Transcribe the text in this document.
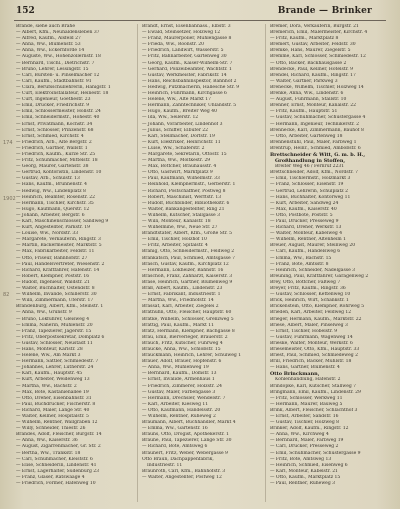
152	Brande — Brinker
Brande, siehe auch Brahe
— Albert, Kfm., Neuhaldensleben 37
— Alfred, Kaufm., Alsfeld 27
— Anna, Ww., Blumenstr. 53
— Anna, Ww., Eckernförde 14
— Auguste, Ww., Hohenzollernstr. 18
— Bernhard, Tischl., Dietrichstr. 7
— Bruno, Lehrer, Lessingstr. 15
— Carl, Bürsten- u. Pinselmacher 12
— Carl, Kaufm., Stadtbahnstr. 91
— Clara, Berufsschullehrerin, Hänigstr. 1
— Curt, Elektroinstallateur, Heinestr. 18
— Curt, Ingenieur, Goethestr. 23
— Emil, Drucker, Friedrichstr. 9
— Emil, Schlossermeister, Hollstr. 24
— Emil, Schneidermstr., Hohestr. 40
— Ernst, Privatmann, Kochstr. 34
— Ernst, Schlosser, Prinzenstr. 68
— Ernst, Schmied, Kirchstr. 4
— Friedrich, Arb., Alte Bergstr. 2
— Friedrich, Gärtner, Wallstr. 1
— Friedrich, Kaufm., Kurze Str. 25
— Fritz, Schuhmacher, Mittelstr. 18
— Georg, Maurer, Gartenstr. 38
— Gertrud, Kontoristin, Lindenstr. 10
— Gustav, Arb., Schulstr. 13
— Hans, Kaufm., Brunnenstr. 4
— Hedwig, Ww., Lindenplatz 8
— Heinrich, Beamter, Rosenstr. 22
— Hermann, Tischler, Kirchstr. 35
— Hugo, Kaufmann, Querstr. 12
— Johann, Arbeiter, Bergstr. 6
— Karl, Maschinenschlosser, Sandweg 9
— Kurt, Angestellter, Parkstr. 19
— Louise, Ww., Nordstr. 33
— Margarete, Verkäuferin, Ringstr. 3
— Martin, Bäckermeister, Marktstr. 5
— Max, Fabrikarbeiter, Feldstr. 11
— Otto, Friseur, Bahnhofstr. 27
— Paul, Handelsvertreter, Wiesenstr. 2
— Richard, Kraftfahrer, Hafenstr. 14
— Robert, Klempner, Poststr. 16
— Rudolf, Ingenieur, Waldstr. 21
— Walter, Buchhalter, Ostendstr. 8
— Wilhelm, Invalide, Schillerstr. 30
— Willi, Zimmermann, Uferstr. 17
Brandenburg, Albert, Kfm., Steinstr. 1
— Anna, Ww., Grünstr. 9
— Bruno, Lokführer, Gleisweg 4
— Emma, Näherin, Mühlenstr. 20
— Franz, Tapezierer, Jägerstr. 15
— Fritz, Oberpostsekretär, Domplatz 6
— Gustav, Schlosser, Neustadt 11
— Hans, Monteur, Karlstr. 28
— Helene, Ww., Am Markt 3
— Hermann, Sattler, Schmiedestr. 7
— Johannes, Lehrer, Lutherstr. 24
— Karl, Kaufm., Hauptstr. 45
— Kurt, Arbeiter, Weidenweg 13
— Martha, Ww., Bachstr. 2
— Max, Bote, Kastanienallee 19
— Otto, Dreher, Eisenbahnstr. 31
— Paul, Buchdrucker, Fischerstr. 8
— Richard, Maler, Lange Str. 40
— Walter, Kellner, Hospitalstr. 5
— Wilhelm, Rentner, Wallgraben 12
— Willy, Schneider, Thiestr. 26
Brandes, Adolf, Fleischer, Burgstr. 14
— Anna, Ww., Kaiserstr. 36
— August, Zigarrenmacher, Gr. Str. 2
— Bertha, Ww., Tränkstr. 18
— Carl, Schuhmacher, Kleiststr. 6
— Elise, Schneiderin, Lindenstr. 41
— Ernst, Lagerhalter, Sudenburg 23
— Franz, Glaser, Ratswaage 4
— Friedrich, Former, Hafenweg 10
Brandt, Ernst, Eisenbahnass., Elbstr. 3
— Ewald, Steinsetzer, Holzweg 12
— Franz, Maurerpolier, Mühlengasse 8
— Frieda, Ww., Roonstr. 20
— Friedrich, Landwirt, Wasserstr. 5
— Fritz, Bahnarbeiter, Gartenweg 30
— Georg, Kaufm., Kaiser-Wilhelm-Str. 7
— Gerhard, Polizeibeamter, Wachtstr. 1
— Gustav, Werkmeister, Fabrikstr. 14
— Hans, Reichsbahninspektor, Bahnhof 2
— Hedwig, Putzmacherin, Hallesche Str. 9
— Heinrich, Fuhrmann, Kirchgasse 6
— Helene, Ww., Alte Markt 17
— Hermann, Zahntechniker, Uhlandstr. 5
— Hugo, Kaufm., Breiter Weg 40
— Ida, Ww., Seilerstr. 12
— Johann, Vorarbeiter, Lindenhof 3
— Julius, Schiffer, Elbufer 22
— Karl, Stellmacher, Dorfstr. 19
— Kurt, Elektriker, Heinrichstr. 11
— Luise, Ww., Schäferstr. 2
— Margarete, Sekretärin, Ottostr. 15
— Martha, Ww., Moltkestr. 29
— Max, Böttcher, Brauhausstr. 4
— Otto, Gastwirt, Marktplatz 9
— Paul, Kaufmann, Wilhelmstr. 33
— Reinhold, Klempnermstr., Gerberstr. 1
— Richard, Postschaffner, Postweg 8
— Robert, Maschinist, Werftstr. 13
— Rudolf, Buchbinder, Bibliothekstr. 6
— Walter, Bankangestellter, Ring 21
— Wilhelm, Kutscher, Stallgasse 3
— Willi, Monteur, Kanalstr. 18
— Wilhelmine, Ww., Neue Str. 27
Brandtstäter, Albert, Kfm., Große Str. 5
— Emil, Tischler, Holzhof 10
— Fritz, Arbeiter, Spitalstr. 4
Branig, Otto, Schneidermstr., Feldweg 2
Brankatsch, Paul, Schmied, Amtsgasse 7
Brasch, Gustav, Kaufm., Kirchplatz 12
— Hermann, Lokheizer, Bahnstr. 16
Braschoß, Franz, Zahnarzt, Kaiserstr. 3
Brase, Heinrich, Gärtner, Blumenweg 9
Braß, Albert, Kaufm., Lindenstr. 23
— Ernst, Fabrikant, Industriestr. 1
— Martha, Ww., Friedhofstr. 14
Brassat, Karl, Arbeiter, Ziegelei 2
Brathuhn, Otto, Fleischer, Hauptstr. 60
Bratke, Wilhelm, Schlosser, Grenzweg 5
Brattig, Paul, Kaufm., Markt 11
Bratz, Hermann, Klempner, Bachgasse 8
Brau, Emil, Bierverleger, Brauerstr. 2
Brauch, Fritz, Kutscher, Fuhrweg 4
Braucke, Anna, Ww., Schloßstr. 15
Brauckmann, Heinrich, Lehrer, Schulweg 1
Brauer, Adolf, Brauer, Hopfenstr. 6
— Anna, Ww., Mühlenweg 19
— Bernhard, Kaufm., Domstr. 13
— Ernst, Invalide, Armenhaus 1
— Friedrich, Zimmerer, Holzstr. 24
— Gustav, Maler, Farbengasse 3
— Hermann, Drechsler, Wendelstr. 7
— Karl, Arbeiter, Kiesweg 11
— Otto, Kaufmann, Handelsstr. 20
— Wilhelm, Rentner, Ruheweg 2
Braumann, Albert, Buchhändler, Markt 4
— Emma, Ww., Gartenstr. 16
Brauns, Otto, Drogist, Apothekerstr. 1
Braune, Paul, Tapezierer, Lange Str. 30
— Richard, Bote, Amtsweg 6
Braunert, Fritz, Weber, Webergasse 9
Otto Braun, Dachpappenfabrik,
Industriestr. 11
Braunroth, Carl, Kfm., Bahnhofstr. 3
— Walter, Angestellter, Postweg 12
Bremer, Dora, Verkäuferin, Burgstr. 21
Bremerich, Emil, Malermeister, Kirchstr. 4
— Fritz, Kaufm., Marktplatz 8
Bremert, Gustav, Arbeiter, Feldstr. 30
Bremke, Hans, Maurer, Ziegelstr. 5
Bremme, Karl, Schlosser, Schmiedestr. 12
— Otto, Bäcker, Backhausgasse 2
Brendecke, Paul, Kellner, Hotelstr. 9
Brendel, Richard, Kaufm., Ringstr. 17
— Walter, Gärtner, Parkweg 3
Brenecke, Wilhelm, Tischler, Holzweg 14
Brenke, Anna, Ww., Lindenstr. 6
— August, Fuhrmann, Stallstr. 10
Brenner, Ernst, Monteur, Kanalstr. 22
— Fritz, Kaufm., Hauptstr. 51
— Gustav, Schuhmacher, Schustergasse 4
— Hermann, Ingenieur, Technikerstr. 2
Brennecke, Karl, Zimmermann, Bauhof 8
— Otto, Arbeiter, Gartenweg 18
Brennenstuhl, Paul, Maler, Farbweg 1
Brentrup, Heinr., Schmied, Amboßstr. 6
Brettschneider & Witt, G. m. b. H.,
Großhandlung in Stoffen,
Breiter Weg 46 / Fernruf 2231
Brettschneider, Adolf, Kfm., Nordstr. 7
— Emil, Tischlermstr., Holzmarkt 3
— Franz, Schlosser, Eisenstr. 19
— Gertrud, Lehrerin, Schulplatz 2
— Hans, Buchhalter, Kontorweg 11
— Kurt, Arbeiter, Sandweg 24
— Max, Kaufm., Kaiserstr. 40
— Otto, Postbote, Poststr. 5
— Paul, Drucker, Presseweg 9
— Richard, Dreher, Werkstr. 13
— Walter, Monteur, Kabelweg 4
— Wilhelm, Rentner, Altenheim 1
Breuer, August, Maurer, Steinweg 20
— Carl, Kaufm., Handelsweg 6
— Emma, Ww., Bachstr. 15
— Franz, Bote, Amtsstr. 8
— Heinrich, Schneider, Nadelgasse 3
Breuning, Paul, Kraftfahrer, Garagenweg 2
Brey, Otto, Böttcher, Faßweg 7
Breyer, Fritz, Kaufm., Ringstr. 36
— Gustav, Schlosser, Kettenweg 10
Brick, Heinrich, Wirt, Schankstr. 1
Brickenstein, Otto, Klempner, Rohrweg 5
Brieden, Karl, Arbeiter, Feldweg 12
Brieger, Hermann, Kaufm., Marktstr. 22
Briese, Albert, Maler, Pinselweg 3
— Ernst, Tischler, Hobelstr. 9
— Gustav, Fuhrmann, Wagenweg 14
Brieske, Walter, Monteur, Werkstr. 6
Briesemeister, Otto, Kfm., Hauptstr. 33
Briest, Paul, Schmied, Schmiedeweg 2
Brill, Friedrich, Bäcker, Mühlstr. 18
— Hans, Gärtner, Blumenstr. 4
Otto Brinckmann,
Kohlenhandlung, Hafenstr. 2
Brindöpke, Karl, Kutscher, Stallweg 7
Bringmann, Emil, Kaufm., Lindenstr. 29
— Fritz, Schlosser, Werkweg 11
— Hermann, Maurer, Bauweg 5
Brink, Albert, Fleischer, Schlachthof 3
— Ernst, Arbeiter, Sandstr. 16
— Gustav, Tischler, Holzweg 8
Brinker, Adolf, Kaufm., Ringstr. 12
— Anna, Ww., Kirchweg 4
— Bernhard, Maler, Farbweg 19
— Carl, Drucker, Presseweg 2
— Emil, Schuhmacher, Schustergasse 9
— Fritz, Bote, Amtsweg 13
— Heinrich, Schmied, Eisenweg 6
— Karl, Monteur, Kabelstr. 21
— Otto, Kaufm., Marktplatz 15
— Paul, Rentner, Ruheweg 3
174
1902
82
